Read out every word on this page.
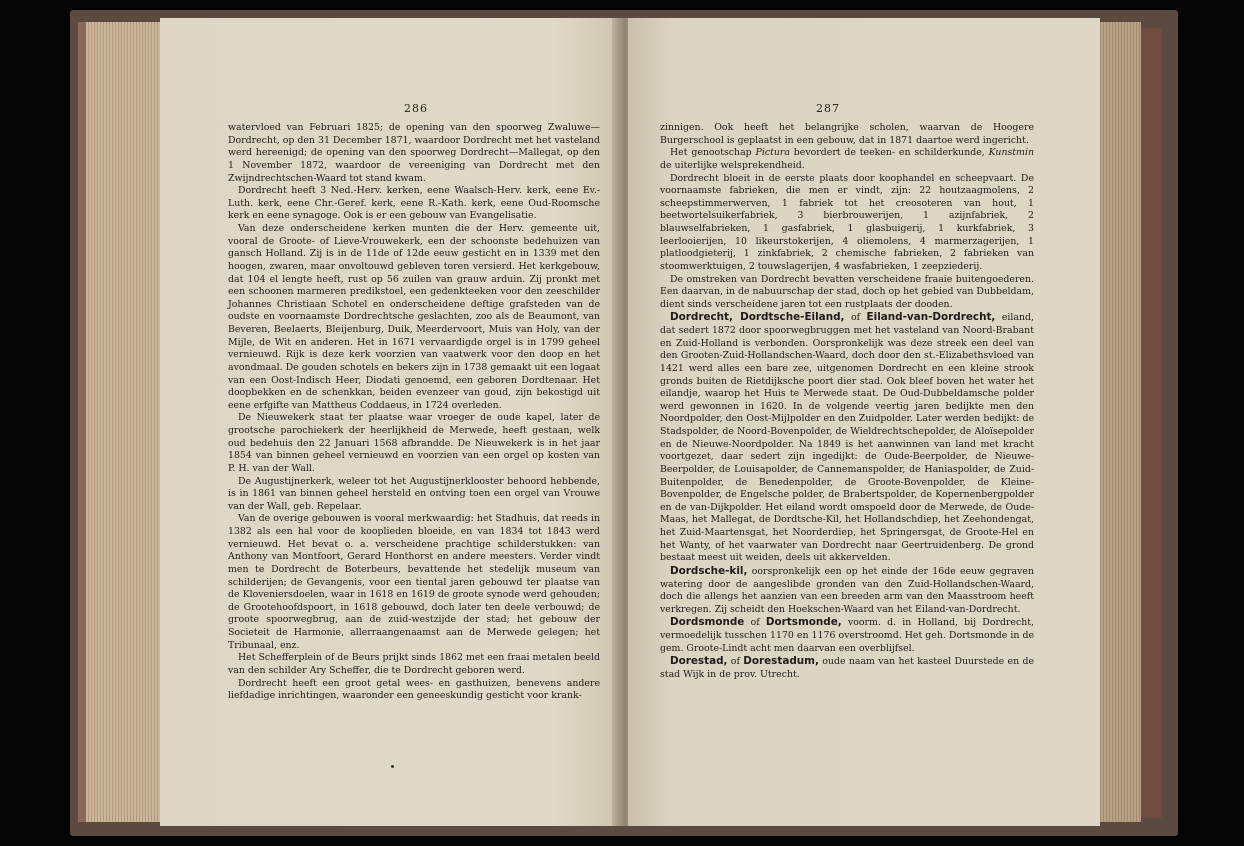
286

watervloed van Februari 1825; de opening van den spoorweg Zwaluwe—Dordrecht, op den 31 December 1871, waardoor Dordrecht met het vasteland werd hereenigd; de opening van den spoorweg Dordrecht—Mallegat, op den 1 November 1872, waardoor de vereeniging van Dordrecht met den Zwijndrechtschen-Waard tot stand kwam.

Dordrecht heeft 3 Ned.-Herv. kerken, eene Waalsch-Herv. kerk, eene Ev.-Luth. kerk, eene Chr.-Geref. kerk, eene R.-Kath. kerk, eene Oud-Roomsche kerk en eene synagoge. Ook is er een gebouw van Evangelisatie.

Van deze onderscheidene kerken munten die der Herv. gemeente uit, vooral de Groote- of Lieve-Vrouwekerk, een der schoonste bedehuizen van gansch Holland. Zij is in de 11de of 12de eeuw gesticht en in 1339 met den hoogen, zwaren, maar onvoltouwd gebleven toren versierd. Het kerkgebouw, dat 104 el lengte heeft, rust op 56 zuilen van grauw arduin. Zij pronkt met een schoonen marmeren predikstoel, een gedenkteeken voor den zeeschilder Johannes Christiaan Schotel en onderscheidene deftige grafsteden van de oudste en voornaamste Dordrechtsche geslachten, zoo als de Beaumont, van Beveren, Beelaerts, Bleijenburg, Duik, Meerdervoort, Muis van Holy, van der Mijle, de Wit en anderen. Het in 1671 vervaardigde orgel is in 1799 geheel vernieuwd. Rijk is deze kerk voorzien van vaatwerk voor den doop en het avondmaal. De gouden schotels en bekers zijn in 1738 gemaakt uit een logaat van een Oost-Indisch Heer, Diodati genoemd, een geboren Dordtenaar. Het doopbekken en de schenkkan, beiden evenzeer van goud, zijn bekostigd uit eene erfgifte van Mattheus Coddaeus, in 1724 overleden.

De Nieuwekerk staat ter plaatse waar vroeger de oude kapel, later de grootsche parochiekerk der heerlijkheid de Merwede, heeft gestaan, welk oud bedehuis den 22 Januari 1568 afbrandde. De Nieuwekerk is in het jaar 1854 van binnen geheel vernieuwd en voorzien van een orgel op kosten van P. H. van der Wall.

De Augustijnerkerk, weleer tot het Augustijnerklooster behoord hebbende, is in 1861 van binnen geheel hersteld en ontving toen een orgel van Vrouwe van der Wall, geb. Repelaar.

Van de overige gebouwen is vooral merkwaardig: het Stadhuis, dat reeds in 1382 als een hal voor de kooplieden bloeide, en van 1834 tot 1843 werd vernieuwd. Het bevat o. a. verscheidene prachtige schilderstukken: van Anthony van Montfoort, Gerard Honthorst en andere meesters. Verder vindt men te Dordrecht de Boterbeurs, bevattende het stedelijk museum van schilderijen; de Gevangenis, voor een tiental jaren gebouwd ter plaatse van de Kloveniersdoelen, waar in 1618 en 1619 de groote synode werd gehouden; de Grootehoofdspoort, in 1618 gebouwd, doch later ten deele verbouwd; de groote spoorwegbrug, aan de zuid-westzijde der stad; het gebouw der Societeit de Harmonie, allerraangenaamst aan de Merwede gelegen; het Tribunaal, enz.

Het Schefferplein of de Beurs prijkt sinds 1862 met een fraai metalen beeld van den schilder Ary Scheffer, die te Dordrecht geboren werd.

Dordrecht heeft een groot getal wees- en gasthuizen, benevens andere liefdadige inrichtingen, waaronder een geneeskundig gesticht voor krank-

287

zinnigen. Ook heeft het belangrijke scholen, waarvan de Hoogere Burgerschool is geplaatst in een gebouw, dat in 1871 daartoe werd ingericht.

Het genootschap Pictura bevordert de teeken- en schilderkunde, Kunstmin de uiterlijke welsprekendheid.

Dordrecht bloeit in de eerste plaats door koophandel en scheepvaart. De voornaamste fabrieken, die men er vindt, zijn: 22 houtzaagmolens, 2 scheepstimmerwerven, 1 fabriek tot het creosoteren van hout, 1 beetwortelsuikerfabriek, 3 bierbrouwerijen, 1 azijnfabriek, 2 blauwselfabrieken, 1 gasfabriek, 1 glasbuigerij, 1 kurkfabriek, 3 leerlooierijen, 10 likeurstokerijen, 4 oliemolens, 4 marmerzagerijen, 1 platloodgieterij, 1 zinkfabriek, 2 chemische fabrieken, 2 fabrieken van stoomwerktuigen, 2 touwslagerijen, 4 wasfabrieken, 1 zeepziederij.

De omstreken van Dordrecht bevatten verscheidene fraaie buitengoederen. Een daarvan, in de nabuurschap der stad, doch op het gebied van Dubbeldam, dient sinds verscheidene jaren tot een rustplaats der dooden.

Dordrecht, Dordtsche-Eiland, of Eiland-van-Dordrecht, eiland, dat sedert 1872 door spoorwegbruggen met het vasteland van Noord-Brabant en Zuid-Holland is verbonden. Oorspronkelijk was deze streek een deel van den Grooten-Zuid-Hollandschen-Waard, doch door den st.-Elizabethsvloed van 1421 werd alles een bare zee, uitgenomen Dordrecht en een kleine strook gronds buiten de Rietdijksche poort dier stad. Ook bleef boven het water het eilandje, waarop het Huis te Merwede staat. De Oud-Dubbeldamsche polder werd gewonnen in 1620. In de volgende veertig jaren bedijkte men den Noordpolder, den Oost-Mijlpolder en den Zuidpolder. Later werden bedijkt: de Stadspolder, de Noord-Bovenpolder, de Wieldrechtschepolder, de Aloïsepolder en de Nieuwe-Noordpolder. Na 1849 is het aanwinnen van land met kracht voortgezet, daar sedert zijn ingedijkt: de Oude-Beerpolder, de Nieuwe-Beerpolder, de Louisapolder, de Cannemanspolder, de Haniaspolder, de Zuid-Buitenpolder, de Benedenpolder, de Groote-Bovenpolder, de Kleine-Bovenpolder, de Engelsche polder, de Brabertspolder, de Kopernenbergpolder en de van-Dijkpolder. Het eiland wordt omspoeld door de Merwede, de Oude-Maas, het Mallegat, de Dordtsche-Kil, het Hollandschdiep, het Zeehondengat, het Zuid-Maartensgat, het Noorderdiep, het Springersgat, de Groote-Hel en het Wanty, of het vaarwater van Dordrecht naar Geertruidenberg. De grond bestaat meest uit weiden, deels uit akkervelden.

Dordsche-kil, oorspronkelijk een op het einde der 16de eeuw gegraven watering door de aangeslibde gronden van den Zuid-Hollandschen-Waard, doch die allengs het aanzien van een breeden arm van den Maasstroom heeft verkregen. Zij scheidt den Hoekschen-Waard van het Eiland-van-Dordrecht.

Dordsmonde of Dortsmonde, voorm. d. in Holland, bij Dordrecht, vermoedelijk tusschen 1170 en 1176 overstroomd. Het geh. Dortsmonde in de gem. Groote-Lindt acht men daarvan een overblijfsel.

Dorestad, of Dorestadum, oude naam van het kasteel Duurstede en de stad Wijk in de prov. Utrecht.
